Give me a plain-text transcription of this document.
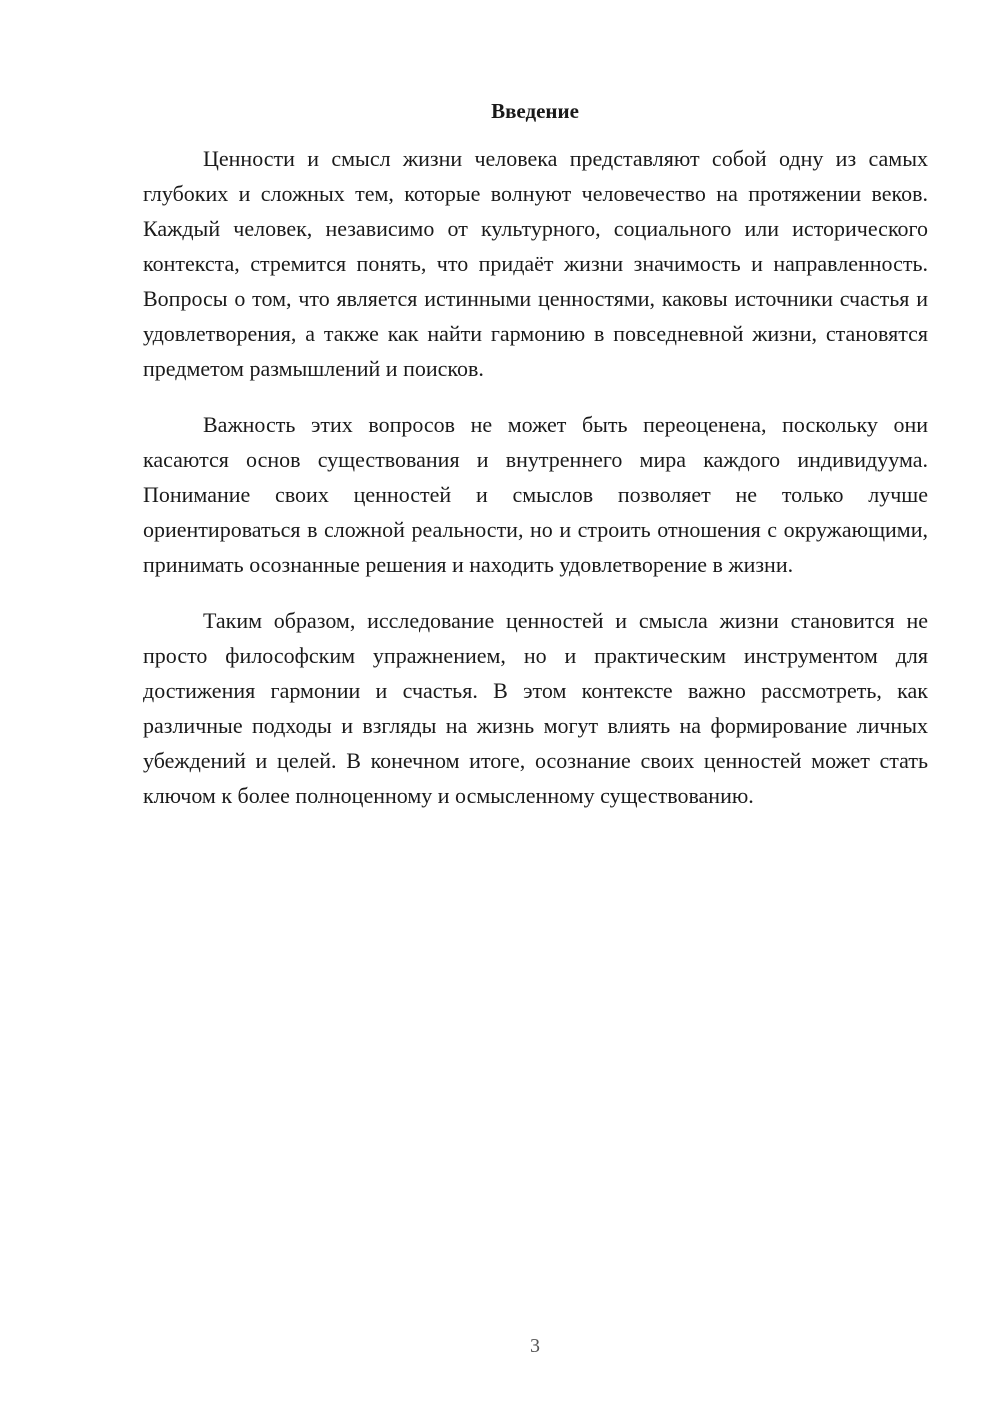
Введение

Ценности и смысл жизни человека представляют собой одну из самых глубоких и сложных тем, которые волнуют человечество на протяжении веков. Каждый человек, независимо от культурного, социального или исторического контекста, стремится понять, что придаёт жизни значимость и направленность. Вопросы о том, что является истинными ценностями, каковы источники счастья и удовлетворения, а также как найти гармонию в повседневной жизни, становятся предметом размышлений и поисков.

Важность этих вопросов не может быть переоценена, поскольку они касаются основ существования и внутреннего мира каждого индивидуума. Понимание своих ценностей и смыслов позволяет не только лучше ориентироваться в сложной реальности, но и строить отношения с окружающими, принимать осознанные решения и находить удовлетворение в жизни.

Таким образом, исследование ценностей и смысла жизни становится не просто философским упражнением, но и практическим инструментом для достижения гармонии и счастья. В этом контексте важно рассмотреть, как различные подходы и взгляды на жизнь могут влиять на формирование личных убеждений и целей. В конечном итоге, осознание своих ценностей может стать ключом к более полноценному и осмысленному существованию.

3
